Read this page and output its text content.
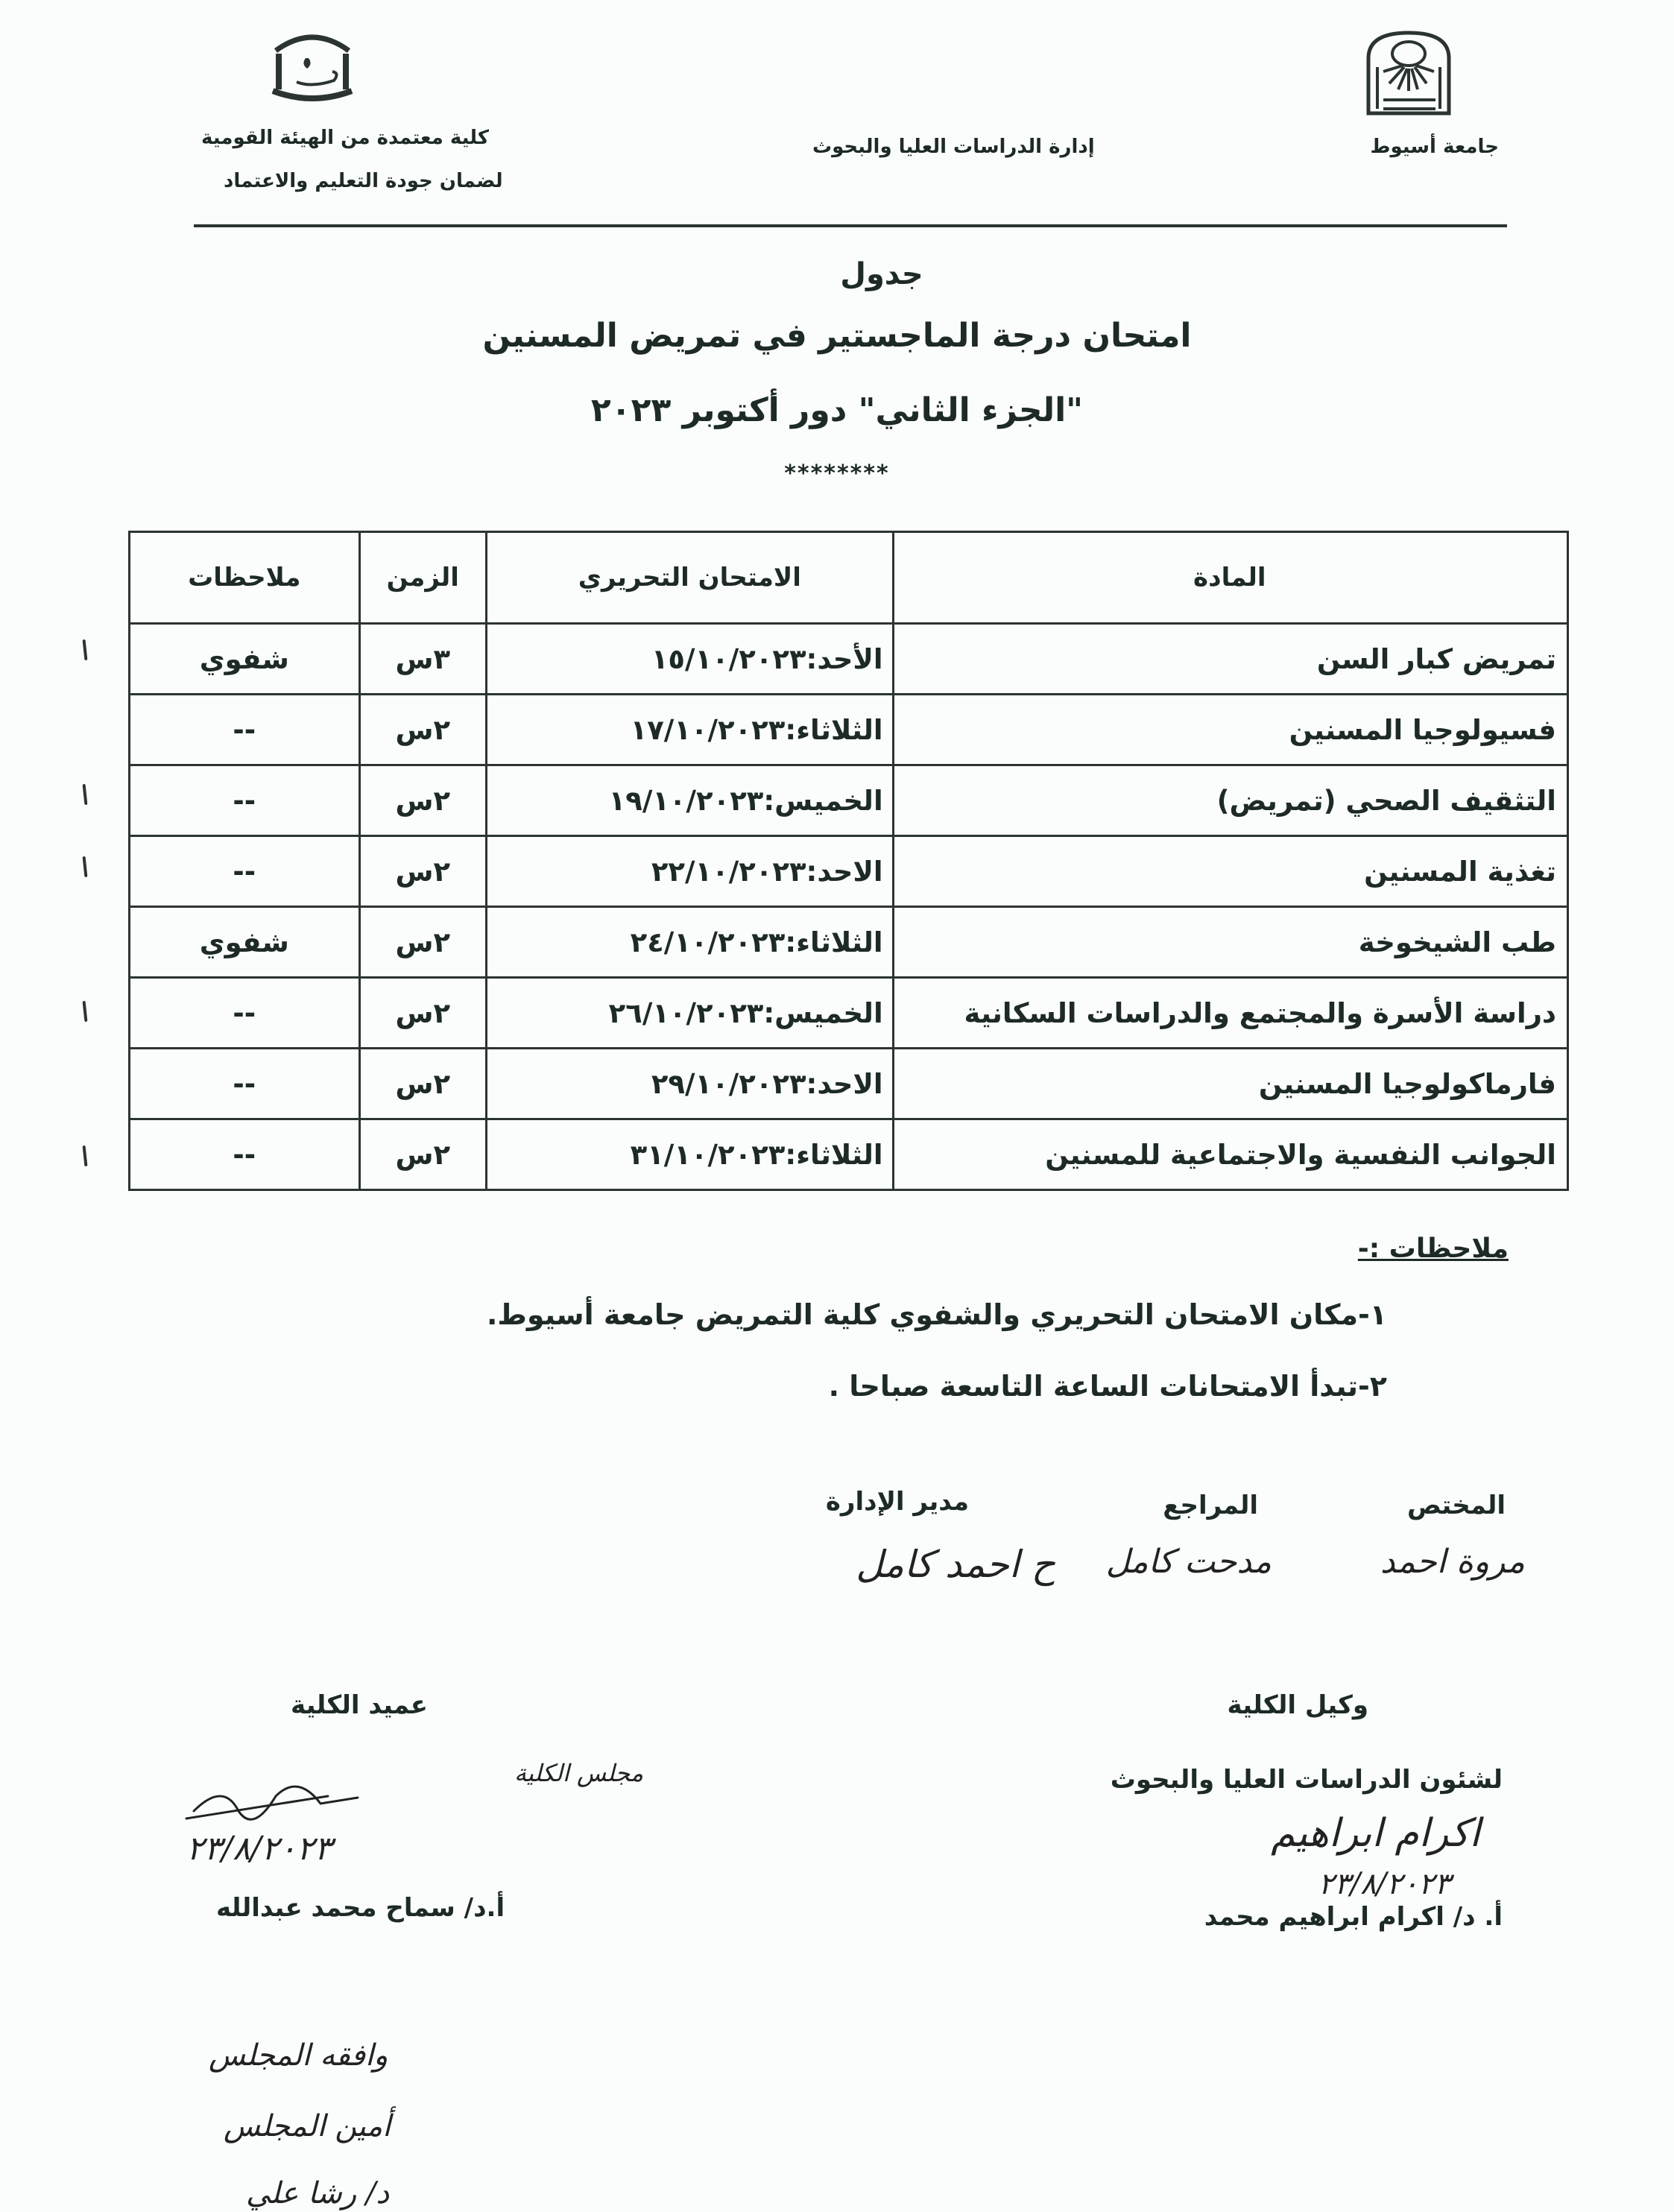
جامعة أسيوط
إدارة الدراسات العليا والبحوث
كلية معتمدة من الهيئة القومية
لضمان جودة التعليم والاعتماد
جدول
امتحان درجة الماجستير في تمريض المسنين
"الجزء الثاني" دور أكتوبر ٢٠٢٣
********
المادة	الامتحان التحريري	الزمن	ملاحظات
تمريض كبار السن	الأحد:١٥/١٠/٢٠٢٣	٣س	شفوي
فسيولوجيا المسنين	الثلاثاء:١٧/١٠/٢٠٢٣	٢س	--
التثقيف الصحي (تمريض)	الخميس:١٩/١٠/٢٠٢٣	٢س	--
تغذية المسنين	الاحد:٢٢/١٠/٢٠٢٣	٢س	--
طب الشيخوخة	الثلاثاء:٢٤/١٠/٢٠٢٣	٢س	شفوي
دراسة الأسرة والمجتمع والدراسات السكانية	الخميس:٢٦/١٠/٢٠٢٣	٢س	--
فارماكولوجيا المسنين	الاحد:٢٩/١٠/٢٠٢٣	٢س	--
الجوانب النفسية والاجتماعية للمسنين	الثلاثاء:٣١/١٠/٢٠٢٣	٢س	--
ملاحظات :-
١-مكان الامتحان التحريري والشفوي كلية التمريض جامعة أسيوط.
٢-تبدأ الامتحانات الساعة التاسعة صباحا .
المختص
المراجع
مدير الإدارة
مروة احمد
مدحت كامل
ح احمد كامل
عميد الكلية	وكيل الكلية
لشئون الدراسات العليا والبحوث
مجلس الكلية
٢٣/٨/٢٠٢٣
أ.د/ سماح محمد عبدالله
اكرام ابراهيم
٢٣/٨/٢٠٢٣
أ. د/ اكرام ابراهيم محمد
وافقه المجلس
أمين المجلس
د/ رشا علي
